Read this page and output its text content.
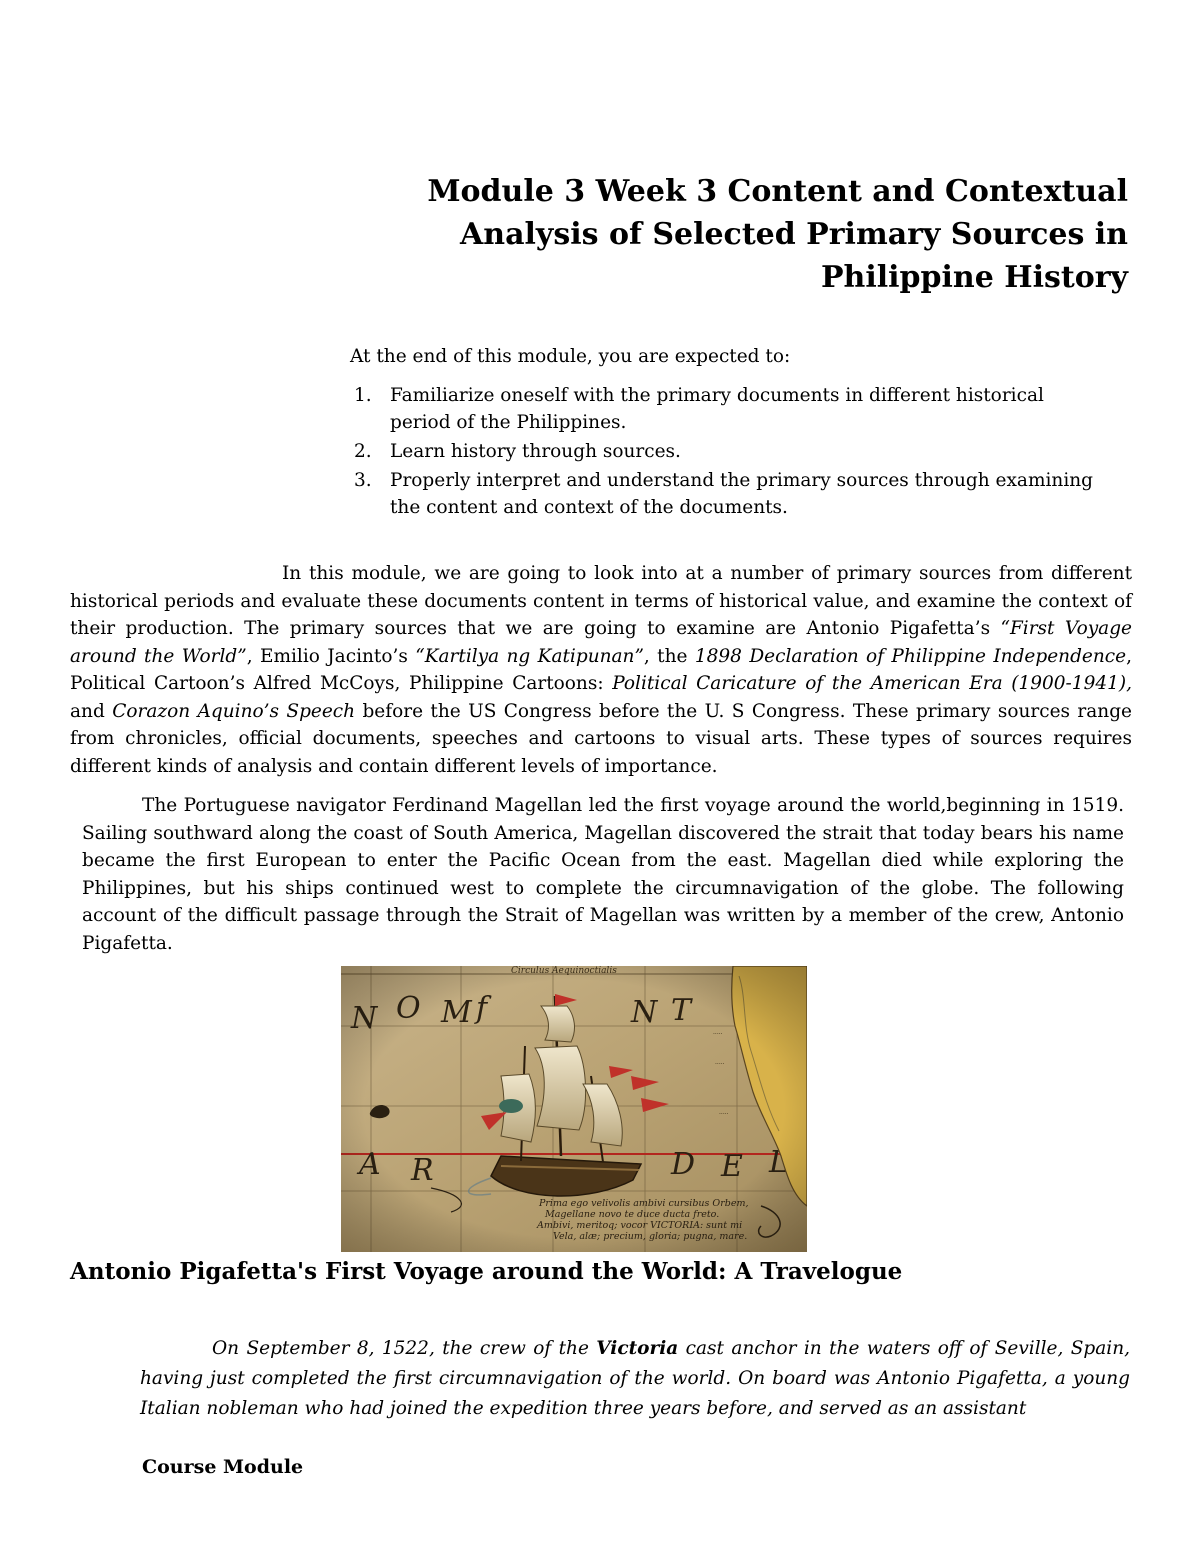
Module 3 Week 3 Content and Contextual
Analysis of Selected Primary Sources in
Philippine History

At the end of this module, you are expected to:

1. Familiarize oneself with the primary documents in different historical period of the Philippines.
2. Learn history through sources.
3. Properly interpret and understand the primary sources through examining the content and context of the documents.

In this module, we are going to look into at a number of primary sources from different historical periods and evaluate these documents content in terms of historical value, and examine the context of their production. The primary sources that we are going to examine are Antonio Pigafetta’s “First Voyage around the World”, Emilio Jacinto’s “Kartilya ng Katipunan”, the 1898 Declaration of Philippine Independence, Political Cartoon’s Alfred McCoys, Philippine Cartoons: Political Caricature of the American Era (1900-1941), and Corazon Aquino’s Speech before the US Congress before the U. S Congress. These primary sources range from chronicles, official documents, speeches and cartoons to visual arts. These types of sources requires different kinds of analysis and contain different levels of importance.

The Portuguese navigator Ferdinand Magellan led the first voyage around the world,beginning in 1519. Sailing southward along the coast of South America, Magellan discovered the strait that today bears his name became the first European to enter the Pacific Ocean from the east. Magellan died while exploring the Philippines, but his ships continued west to complete the circumnavigation of the globe. The following account of the difficult passage through the Strait of Magellan was written by a member of the crew, Antonio Pigafetta.

Antonio Pigafetta's First Voyage around the World: A Travelogue

On September 8, 1522, the crew of the Victoria cast anchor in the waters off of Seville, Spain, having just completed the first circumnavigation of the world. On board was Antonio Pigafetta, a young Italian nobleman who had joined the expedition three years before, and served as an assistant

Course Module
